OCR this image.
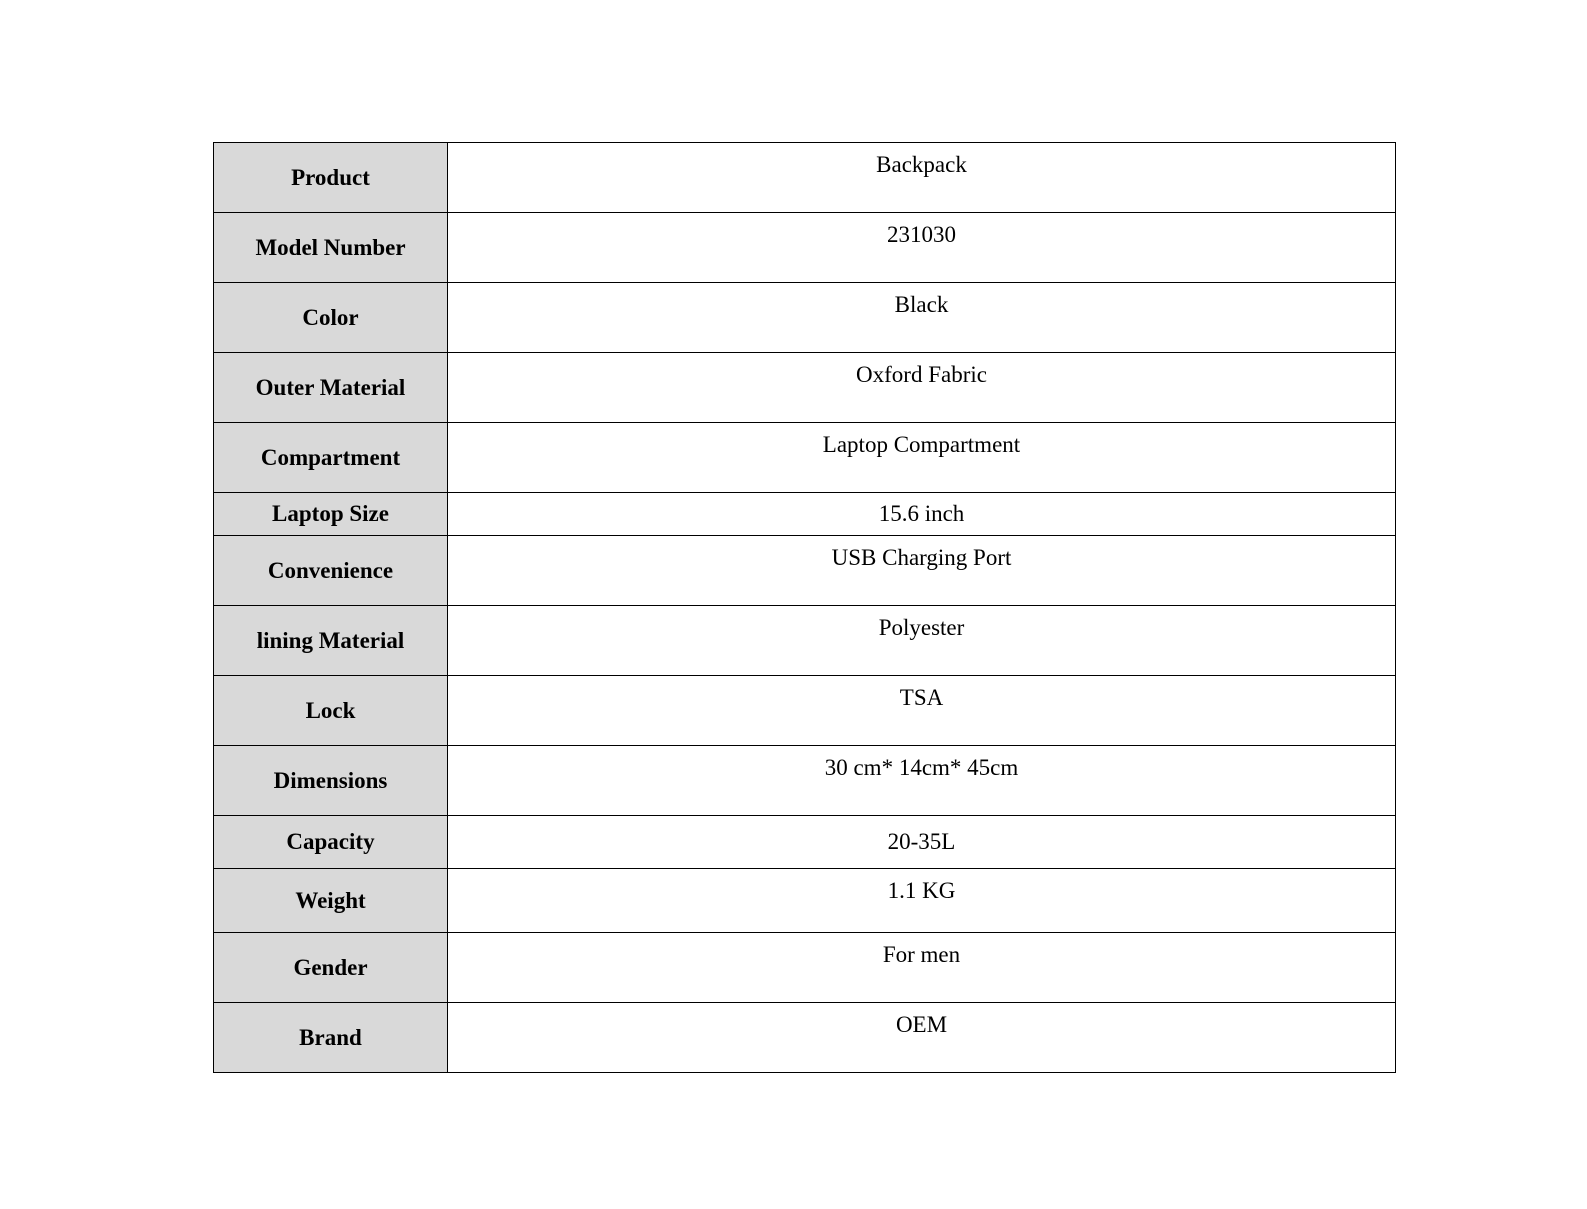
Product	Backpack
Model Number	231030
Color	Black
Outer Material	Oxford Fabric
Compartment	Laptop Compartment
Laptop Size	15.6 inch
Convenience	USB Charging Port
lining Material	Polyester
Lock	TSA
Dimensions	30 cm* 14cm* 45cm
Capacity	20-35L
Weight	1.1 KG
Gender	For men
Brand	OEM
